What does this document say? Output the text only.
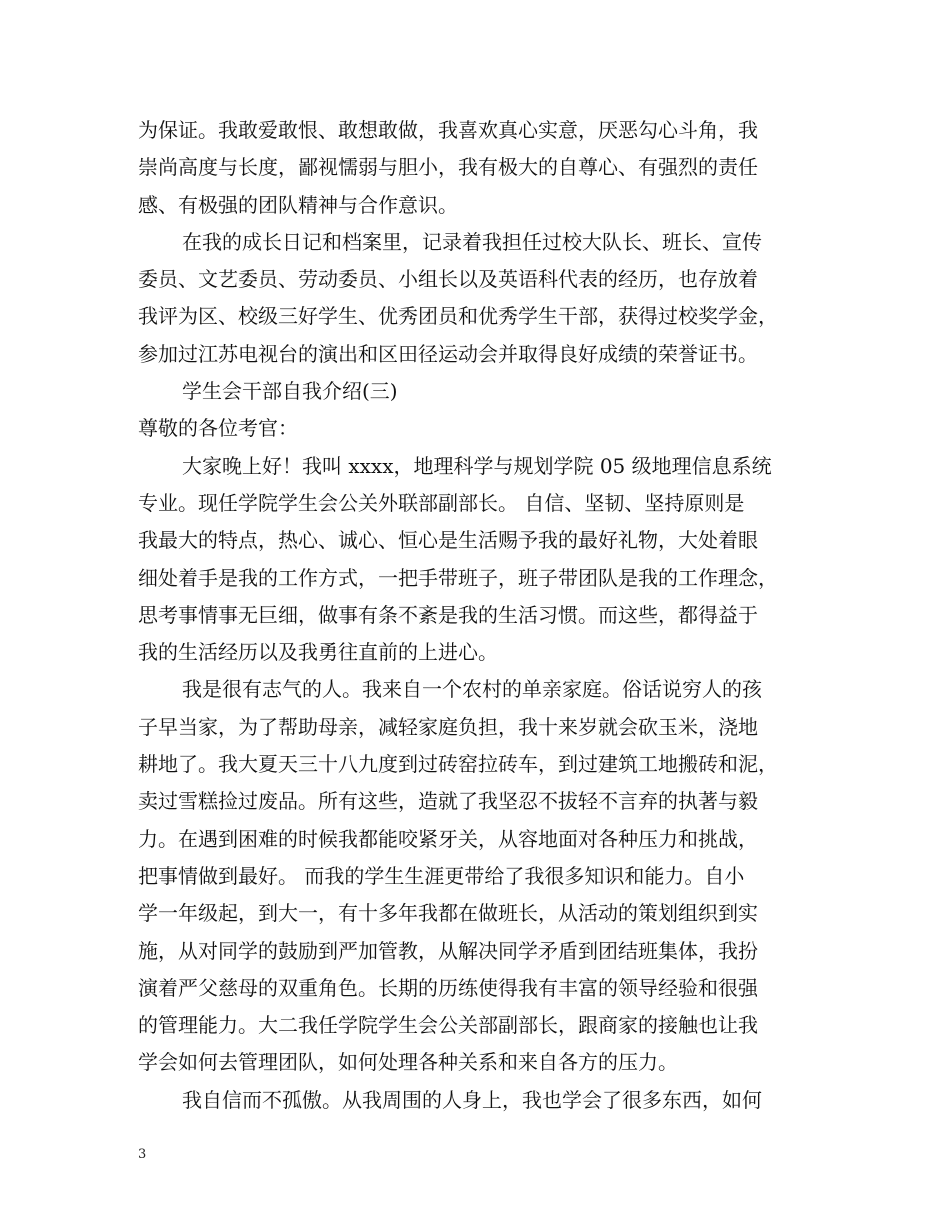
为保证。我敢爱敢恨、敢想敢做，我喜欢真心实意，厌恶勾心斗角，我
崇尚高度与长度，鄙视懦弱与胆小，我有极大的自尊心、有强烈的责任
感、有极强的团队精神与合作意识。
在我的成长日记和档案里，记录着我担任过校大队长、班长、宣传
委员、文艺委员、劳动委员、小组长以及英语科代表的经历，也存放着
我评为区、校级三好学生、优秀团员和优秀学生干部，获得过校奖学金，
参加过江苏电视台的演出和区田径运动会并取得良好成绩的荣誉证书。
学生会干部自我介绍(三)
尊敬的各位考官：
大家晚上好！我叫 xxxx，地理科学与规划学院 05 级地理信息系统
专业。现任学院学生会公关外联部副部长。 自信、坚韧、坚持原则是
我最大的特点，热心、诚心、恒心是生活赐予我的最好礼物，大处着眼
细处着手是我的工作方式，一把手带班子，班子带团队是我的工作理念，
思考事情事无巨细，做事有条不紊是我的生活习惯。而这些，都得益于
我的生活经历以及我勇往直前的上进心。
我是很有志气的人。我来自一个农村的单亲家庭。俗话说穷人的孩
子早当家，为了帮助母亲，减轻家庭负担，我十来岁就会砍玉米，浇地
耕地了。我大夏天三十八九度到过砖窑拉砖车，到过建筑工地搬砖和泥，
卖过雪糕捡过废品。所有这些，造就了我坚忍不拔轻不言弃的执著与毅
力。在遇到困难的时候我都能咬紧牙关，从容地面对各种压力和挑战，
把事情做到最好。 而我的学生生涯更带给了我很多知识和能力。自小
学一年级起，到大一，有十多年我都在做班长，从活动的策划组织到实
施，从对同学的鼓励到严加管教，从解决同学矛盾到团结班集体，我扮
演着严父慈母的双重角色。长期的历练使得我有丰富的领导经验和很强
的管理能力。大二我任学院学生会公关部副部长，跟商家的接触也让我
学会如何去管理团队，如何处理各种关系和来自各方的压力。
我自信而不孤傲。从我周围的人身上，我也学会了很多东西，如何
3
